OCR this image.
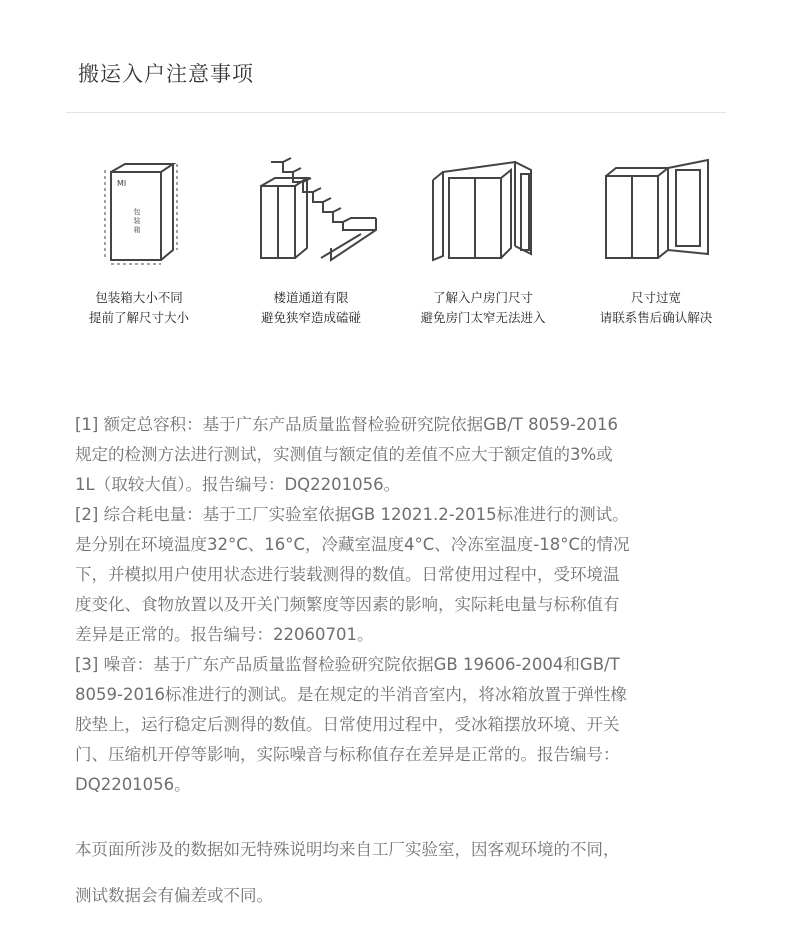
搬运入户注意事项
MI
包装箱
包装箱大小不同
提前了解尺寸大小
楼道通道有限
避免狭窄造成磕碰
了解入户房门尺寸
避免房门太窄无法进入
尺寸过宽
请联系售后确认解决

[1] 额定总容积：基于广东产品质量监督检验研究院依据GB/T 8059-2016

规定的检测方法进行测试，实测值与额定值的差值不应大于额定值的3%或

1L（取较大值）。报告编号：DQ2201056。

[2] 综合耗电量：基于工厂实验室依据GB 12021.2-2015标准进行的测试。

是分别在环境温度32°C、16°C，冷藏室温度4°C、冷冻室温度-18°C的情况

下，并模拟用户使用状态进行装载测得的数值。日常使用过程中，受环境温

度变化、食物放置以及开关门频繁度等因素的影响，实际耗电量与标称值有

差异是正常的。报告编号：22060701。

[3] 噪音：基于广东产品质量监督检验研究院依据GB 19606-2004和GB/T

8059-2016标准进行的测试。是在规定的半消音室内，将冰箱放置于弹性橡

胶垫上，运行稳定后测得的数值。日常使用过程中，受冰箱摆放环境、开关

门、压缩机开停等影响，实际噪音与标称值存在差异是正常的。报告编号：

DQ2201056。

本页面所涉及的数据如无特殊说明均来自工厂实验室，因客观环境的不同，

测试数据会有偏差或不同。
